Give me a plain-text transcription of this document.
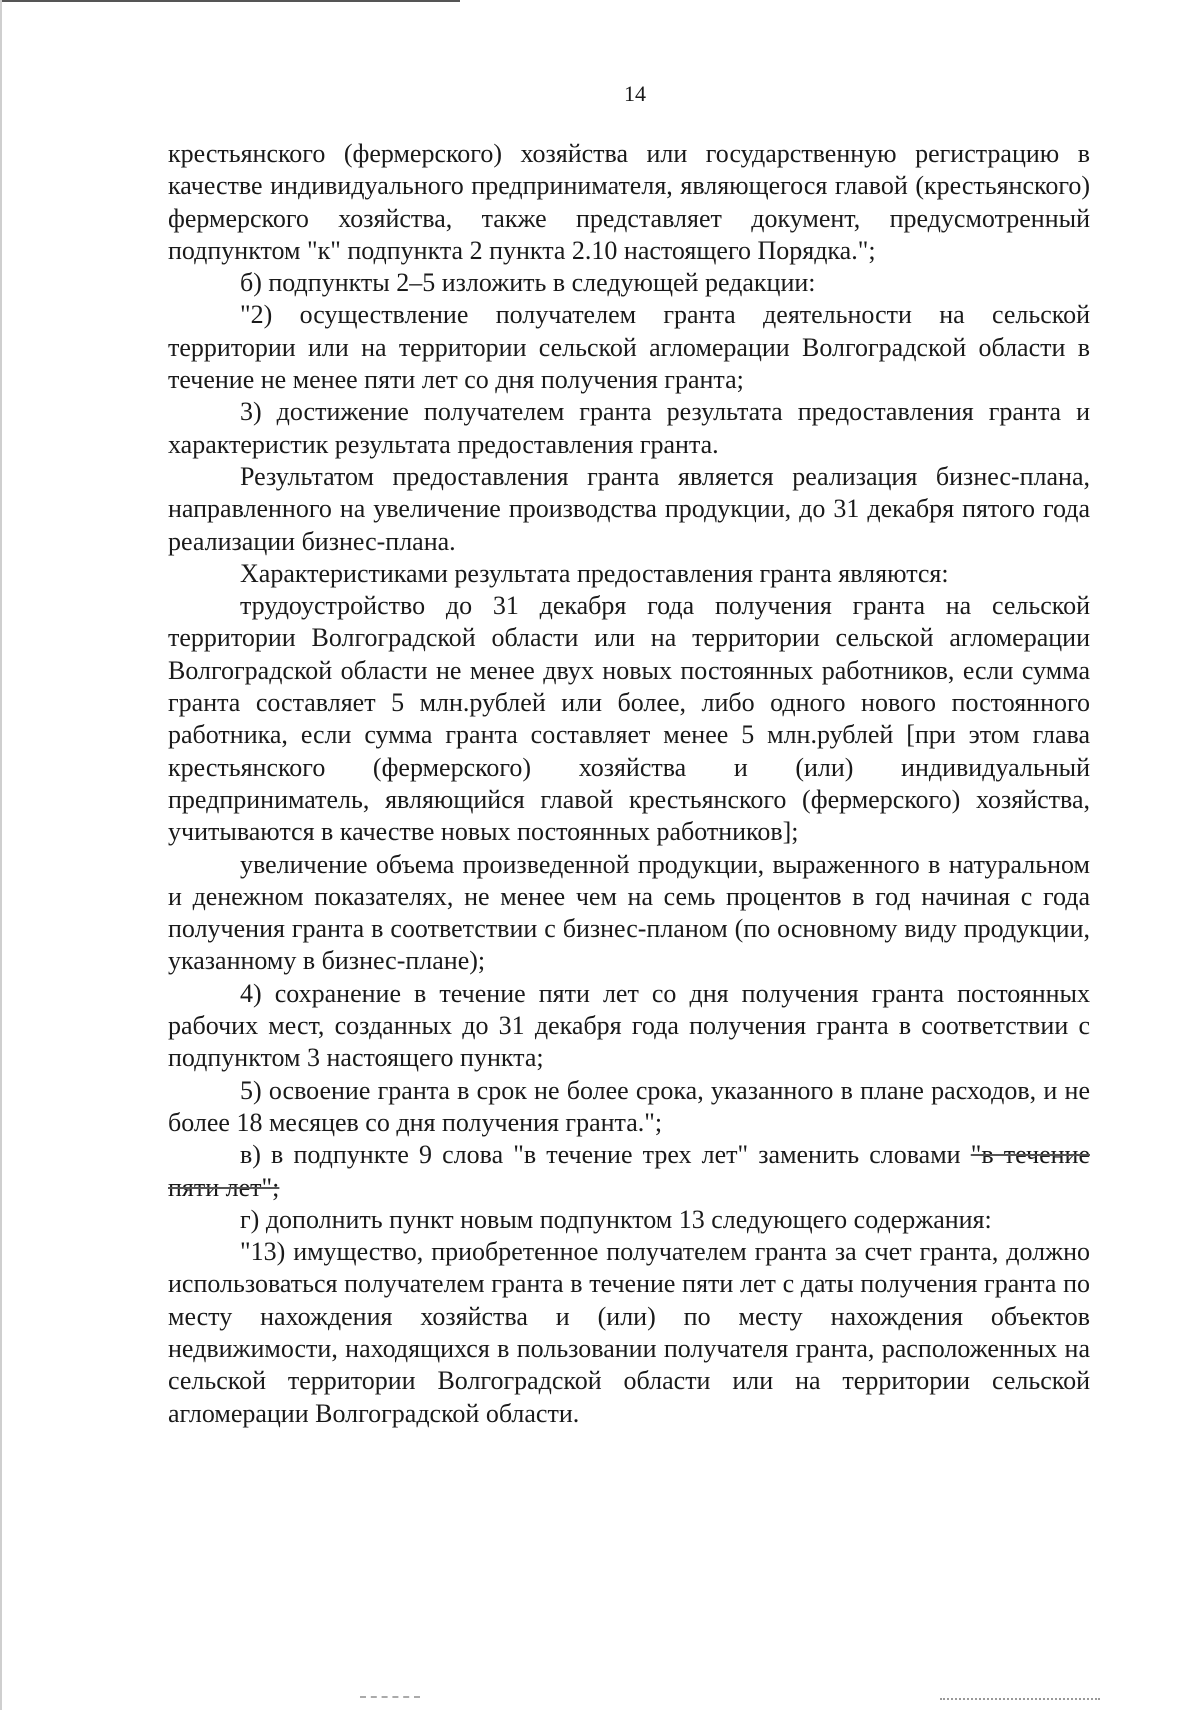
14

крестьянского (фермерского) хозяйства или государственную регистрацию в качестве индивидуального предпринимателя, являющегося главой (крестьянского) фермерского хозяйства, также представляет документ, предусмотренный подпунктом "к" подпункта 2 пункта 2.10 настоящего Порядка.";

б) подпункты 2–5 изложить в следующей редакции:

"2) осуществление получателем гранта деятельности на сельской территории или на территории сельской агломерации Волгоградской области в течение не менее пяти лет со дня получения гранта;

3) достижение получателем гранта результата предоставления гранта и характеристик результата предоставления гранта.

Результатом предоставления гранта является реализация бизнес-плана, направленного на увеличение производства продукции, до 31 декабря пятого года реализации бизнес-плана.

Характеристиками результата предоставления гранта являются:

трудоустройство до 31 декабря года получения гранта на сельской территории Волгоградской области или на территории сельской агломерации Волгоградской области не менее двух новых постоянных работников, если сумма гранта составляет 5 млн.рублей или более, либо одного нового постоянного работника, если сумма гранта составляет менее 5 млн.рублей [при этом глава крестьянского (фермерского) хозяйства и (или) индивидуальный предприниматель, являющийся главой крестьянского (фермерского) хозяйства, учитываются в качестве новых постоянных работников];

увеличение объема произведенной продукции, выраженного в натуральном и денежном показателях, не менее чем на семь процентов в год начиная с года получения гранта в соответствии с бизнес-планом (по основному виду продукции, указанному в бизнес-плане);

4) сохранение в течение пяти лет со дня получения гранта постоянных рабочих мест, созданных до 31 декабря года получения гранта в соответствии с подпунктом 3 настоящего пункта;

5) освоение гранта в срок не более срока, указанного в плане расходов, и не более 18 месяцев со дня получения гранта.";

в) в подпункте 9 слова "в течение трех лет" заменить словами "в течение пяти лет";

г) дополнить пункт новым подпунктом 13 следующего содержания:

"13) имущество, приобретенное получателем гранта за счет гранта, должно использоваться получателем гранта в течение пяти лет с даты получения гранта по месту нахождения хозяйства и (или) по месту нахождения объектов недвижимости, находящихся в пользовании получателя гранта, расположенных на сельской территории Волгоградской области или на территории сельской агломерации Волгоградской области.
